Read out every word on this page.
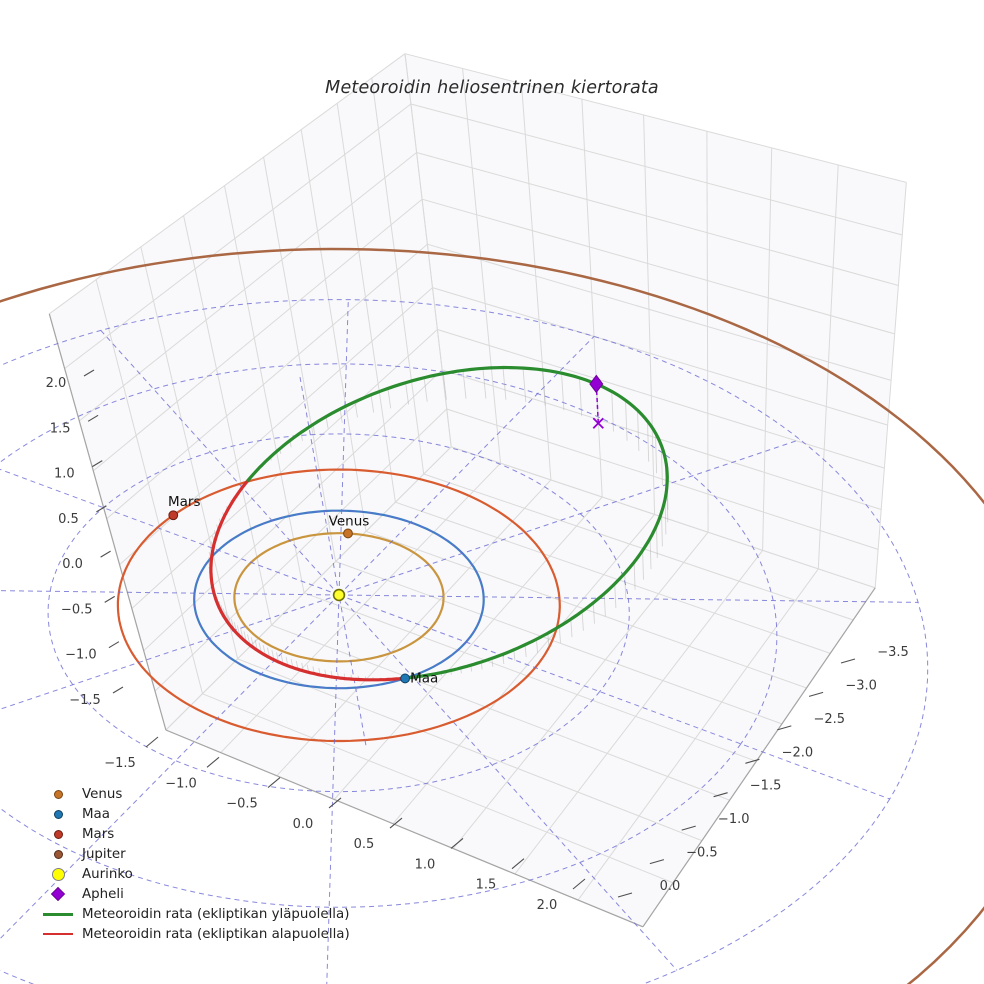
Venus
Maa
Mars
−1.5
−1.0
−0.5
0.0
0.5
1.0
1.5
2.0
−3.5
−3.0
−2.5
−2.0
−1.5
−1.0
−0.5
0.0
−1.5
−1.0
−0.5
0.0
0.5
1.0
1.5
2.0
Meteoroidin heliosentrinen kiertorata
Venus
Maa
Mars
Jupiter
Aurinko
Apheli
Meteoroidin rata (ekliptikan yläpuolella)
Meteoroidin rata (ekliptikan alapuolella)
